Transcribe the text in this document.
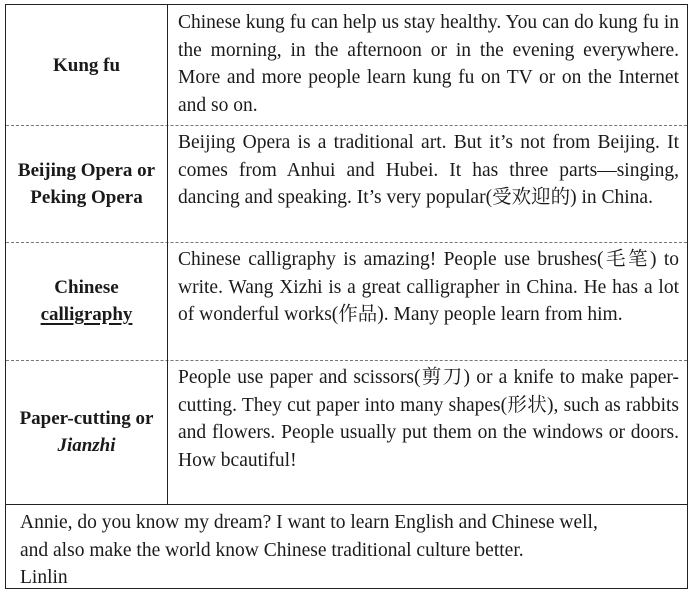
Kung fu
Chinese kung fu can help us stay healthy. You can do kung fu in the morning, in the afternoon or in the evening everywhere. More and more people learn kung fu on TV or on the Internet and so on.
Beijing Opera or
Peking Opera
Beijing Opera is a traditional art. But it’s not from Beijing. It comes from Anhui and Hubei. It has three parts—singing, dancing and speaking. It’s very popular(受欢迎的) in China.
Chinese
calligraphy
Chinese calligraphy is amazing! People use brushes(毛笔) to write. Wang Xizhi is a great calligrapher in China. He has a lot of wonderful works(作品). Many people learn from him.
Paper-cutting or
Jianzhi
People use paper and scissors(剪刀) or a knife to make paper-cutting. They cut paper into many shapes(形状), such as rabbits and flowers. People usually put them on the windows or doors. How bcautiful!
Annie, do you know my dream? I want to learn English and Chinese well,
and also make the world know Chinese traditional culture better.
Linlin
